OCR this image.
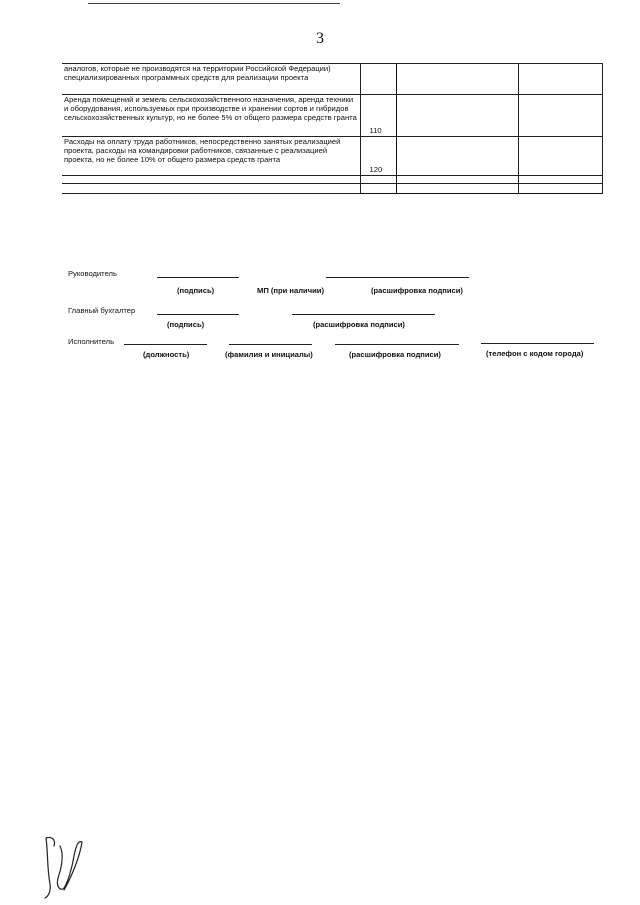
3
аналогов, которые не производятся на территории Российской Федерации) специализированных программных средств для реализации проекта			
Аренда помещений и земель сельскохозяйственного назначения, аренда техники и оборудования, используемых при производстве и хранении сортов и гибридов сельскохозяйственных культур, но не более 5% от общего размера средств гранта	110		
Расходы на оплату труда работников, непосредственно занятых реализацией проекта, расходы на командировки работников, связанные с реализацией проекта, но не более 10% от общего размера средств гранта	120		

Руководитель
(подпись)	МП (при наличии)	(расшифровка подписи)
Главный бухгалтер
(подпись)	(расшифровка подписи)
Исполнитель
(должность)	(фамилия и инициалы)	(расшифровка подписи)	(телефон с кодом города)
